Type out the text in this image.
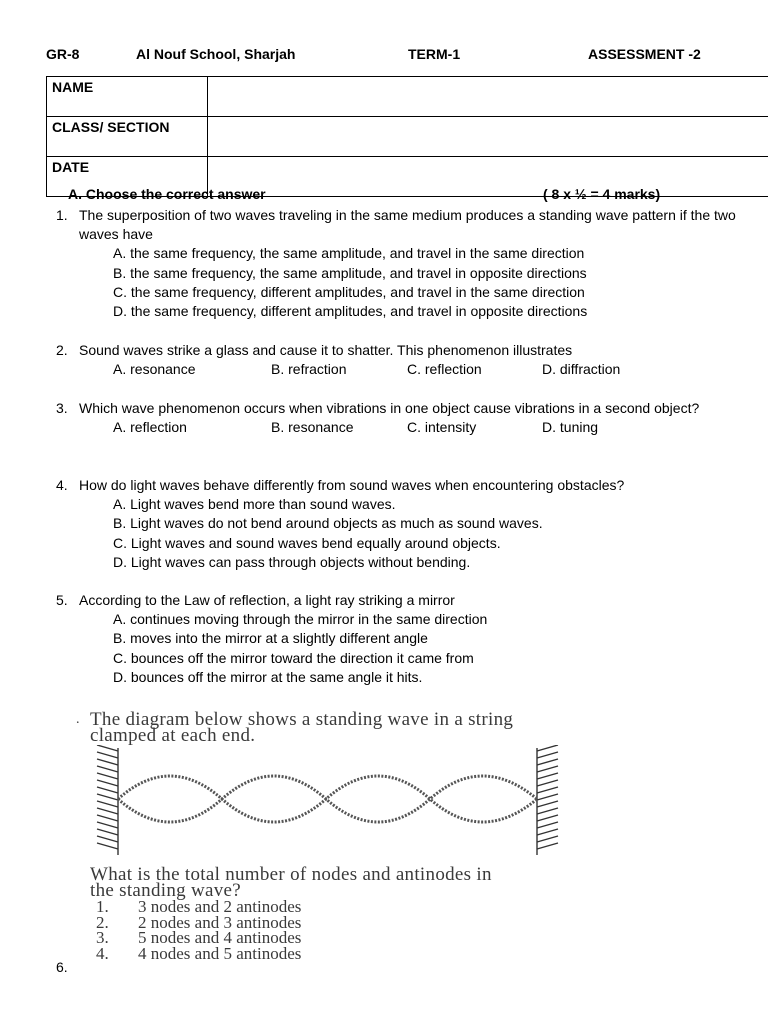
GR-8	Al Nouf School, Sharjah	TERM-1	ASSESSMENT -2
NAME	
CLASS/ SECTION	
DATE	
A. Choose the correct answer	( 8 x ½ = 4 marks)
1. The superposition of two waves traveling in the same medium produces a standing wave pattern if the two waves have
A. the same frequency, the same amplitude, and travel in the same direction
B. the same frequency, the same amplitude, and travel in opposite directions
C. the same frequency, different amplitudes, and travel in the same direction
D. the same frequency, different amplitudes, and travel in opposite directions
2. Sound waves strike a glass and cause it to shatter. This phenomenon illustrates
A. resonance	B. refraction	C. reflection	D. diffraction
3. Which wave phenomenon occurs when vibrations in one object cause vibrations in a second object?
A. reflection	B. resonance	C. intensity	D. tuning
4. How do light waves behave differently from sound waves when encountering obstacles?
A. Light waves bend more than sound waves.
B. Light waves do not bend around objects as much as sound waves.
C. Light waves and sound waves bend equally around objects.
D. Light waves can pass through objects without bending.
5. According to the Law of reflection, a light ray striking a mirror
A. continues moving through the mirror in the same direction
B. moves into the mirror at a slightly different angle
C. bounces off the mirror toward the direction it came from
D. bounces off the mirror at the same angle it hits.
. The diagram below shows a standing wave in a string
clamped at each end.
What is the total number of nodes and antinodes in
the standing wave?
1. 3 nodes and 2 antinodes
2. 2 nodes and 3 antinodes
3. 5 nodes and 4 antinodes
4. 4 nodes and 5 antinodes
6.
